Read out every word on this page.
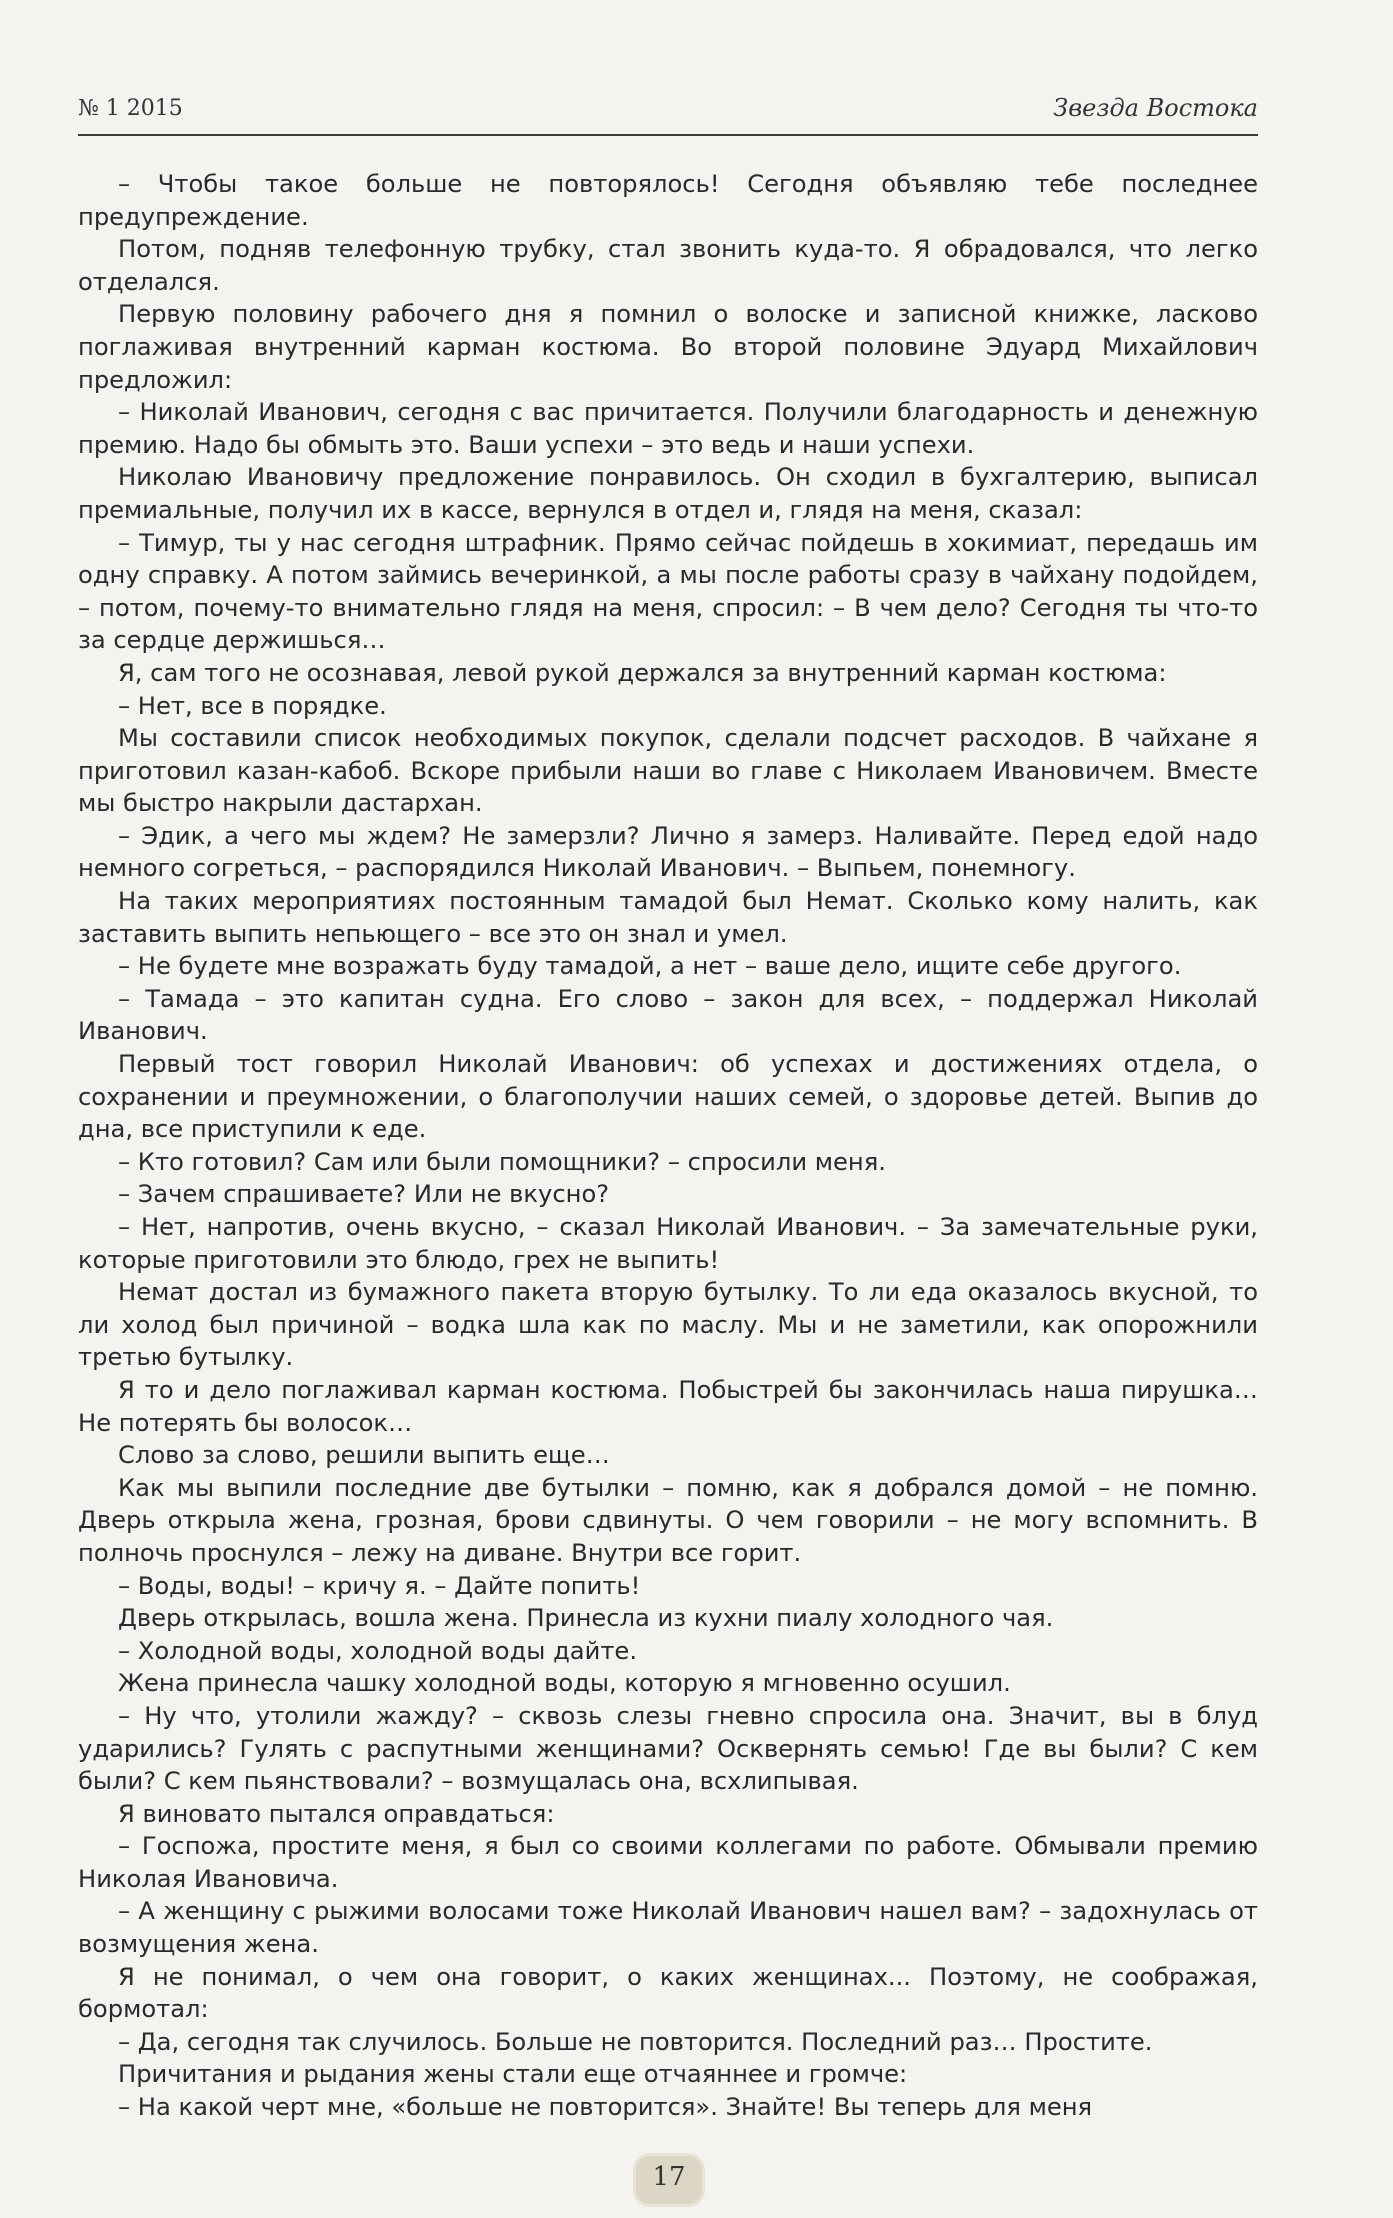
№ 1 2015	Звезда Востока

– Чтобы такое больше не повторялось! Сегодня объявляю тебе последнее предупреждение.

Потом, подняв телефонную трубку, стал звонить куда-то. Я обрадовался, что легко отделался.

Первую половину рабочего дня я помнил о волоске и записной книжке, ласково поглаживая внутренний карман костюма. Во второй половине Эдуард Михайлович предложил:

– Николай Иванович, сегодня с вас причитается. Получили благодарность и денежную премию. Надо бы обмыть это. Ваши успехи – это ведь и наши успехи.

Николаю Ивановичу предложение понравилось. Он сходил в бухгалтерию, выписал премиальные, получил их в кассе, вернулся в отдел и, глядя на меня, сказал:

– Тимур, ты у нас сегодня штрафник. Прямо сейчас пойдешь в хокимиат, передашь им одну справку. А потом займись вечеринкой, а мы после работы сразу в чайхану подойдем, – потом, почему-то внимательно глядя на меня, спросил: – В чем дело? Сегодня ты что-то за сердце держишься…

Я, сам того не осознавая, левой рукой держался за внутренний карман костюма:

– Нет, все в порядке.

Мы составили список необходимых покупок, сделали подсчет расходов. В чайхане я приготовил казан-кабоб. Вскоре прибыли наши во главе с Николаем Ивановичем. Вместе мы быстро накрыли дастархан.

– Эдик, а чего мы ждем? Не замерзли? Лично я замерз. Наливайте. Перед едой надо немного согреться, – распорядился Николай Иванович. – Выпьем, понемногу.

На таких мероприятиях постоянным тамадой был Немат. Сколько кому налить, как заставить выпить непьющего – все это он знал и умел.

– Не будете мне возражать буду тамадой, а нет – ваше дело, ищите себе другого.

– Тамада – это капитан судна. Его слово – закон для всех, – поддержал Николай Иванович.

Первый тост говорил Николай Иванович: об успехах и достижениях отдела, о сохранении и преумножении, о благополучии наших семей, о здоровье детей. Выпив до дна, все приступили к еде.

– Кто готовил? Сам или были помощники? – спросили меня.

– Зачем спрашиваете? Или не вкусно?

– Нет, напротив, очень вкусно, – сказал Николай Иванович. – За замечательные руки, которые приготовили это блюдо, грех не выпить!

Немат достал из бумажного пакета вторую бутылку. То ли еда оказалось вкусной, то ли холод был причиной – водка шла как по маслу. Мы и не заметили, как опорожнили третью бутылку.

Я то и дело поглаживал карман костюма. Побыстрей бы закончилась наша пирушка… Не потерять бы волосок…

Слово за слово, решили выпить еще…

Как мы выпили последние две бутылки – помню, как я добрался домой – не помню. Дверь открыла жена, грозная, брови сдвинуты. О чем говорили – не могу вспомнить. В полночь проснулся – лежу на диване. Внутри все горит.

– Воды, воды! – кричу я. – Дайте попить!

Дверь открылась, вошла жена. Принесла из кухни пиалу холодного чая.

– Холодной воды, холодной воды дайте.

Жена принесла чашку холодной воды, которую я мгновенно осушил.

– Ну что, утолили жажду? – сквозь слезы гневно спросила она. Значит, вы в блуд ударились? Гулять с распутными женщинами? Осквернять семью! Где вы были? С кем были? С кем пьянствовали? – возмущалась она, всхлипывая.

Я виновато пытался оправдаться:

– Госпожа, простите меня, я был со своими коллегами по работе. Обмывали премию Николая Ивановича.

– А женщину с рыжими волосами тоже Николай Иванович нашел вам? – задохнулась от возмущения жена.

Я не понимал, о чем она говорит, о каких женщинах... Поэтому, не соображая, бормотал:

– Да, сегодня так случилось. Больше не повторится. Последний раз… Простите.

Причитания и рыдания жены стали еще отчаяннее и громче:

– На какой черт мне, «больше не повторится». Знайте! Вы теперь для меня

17
